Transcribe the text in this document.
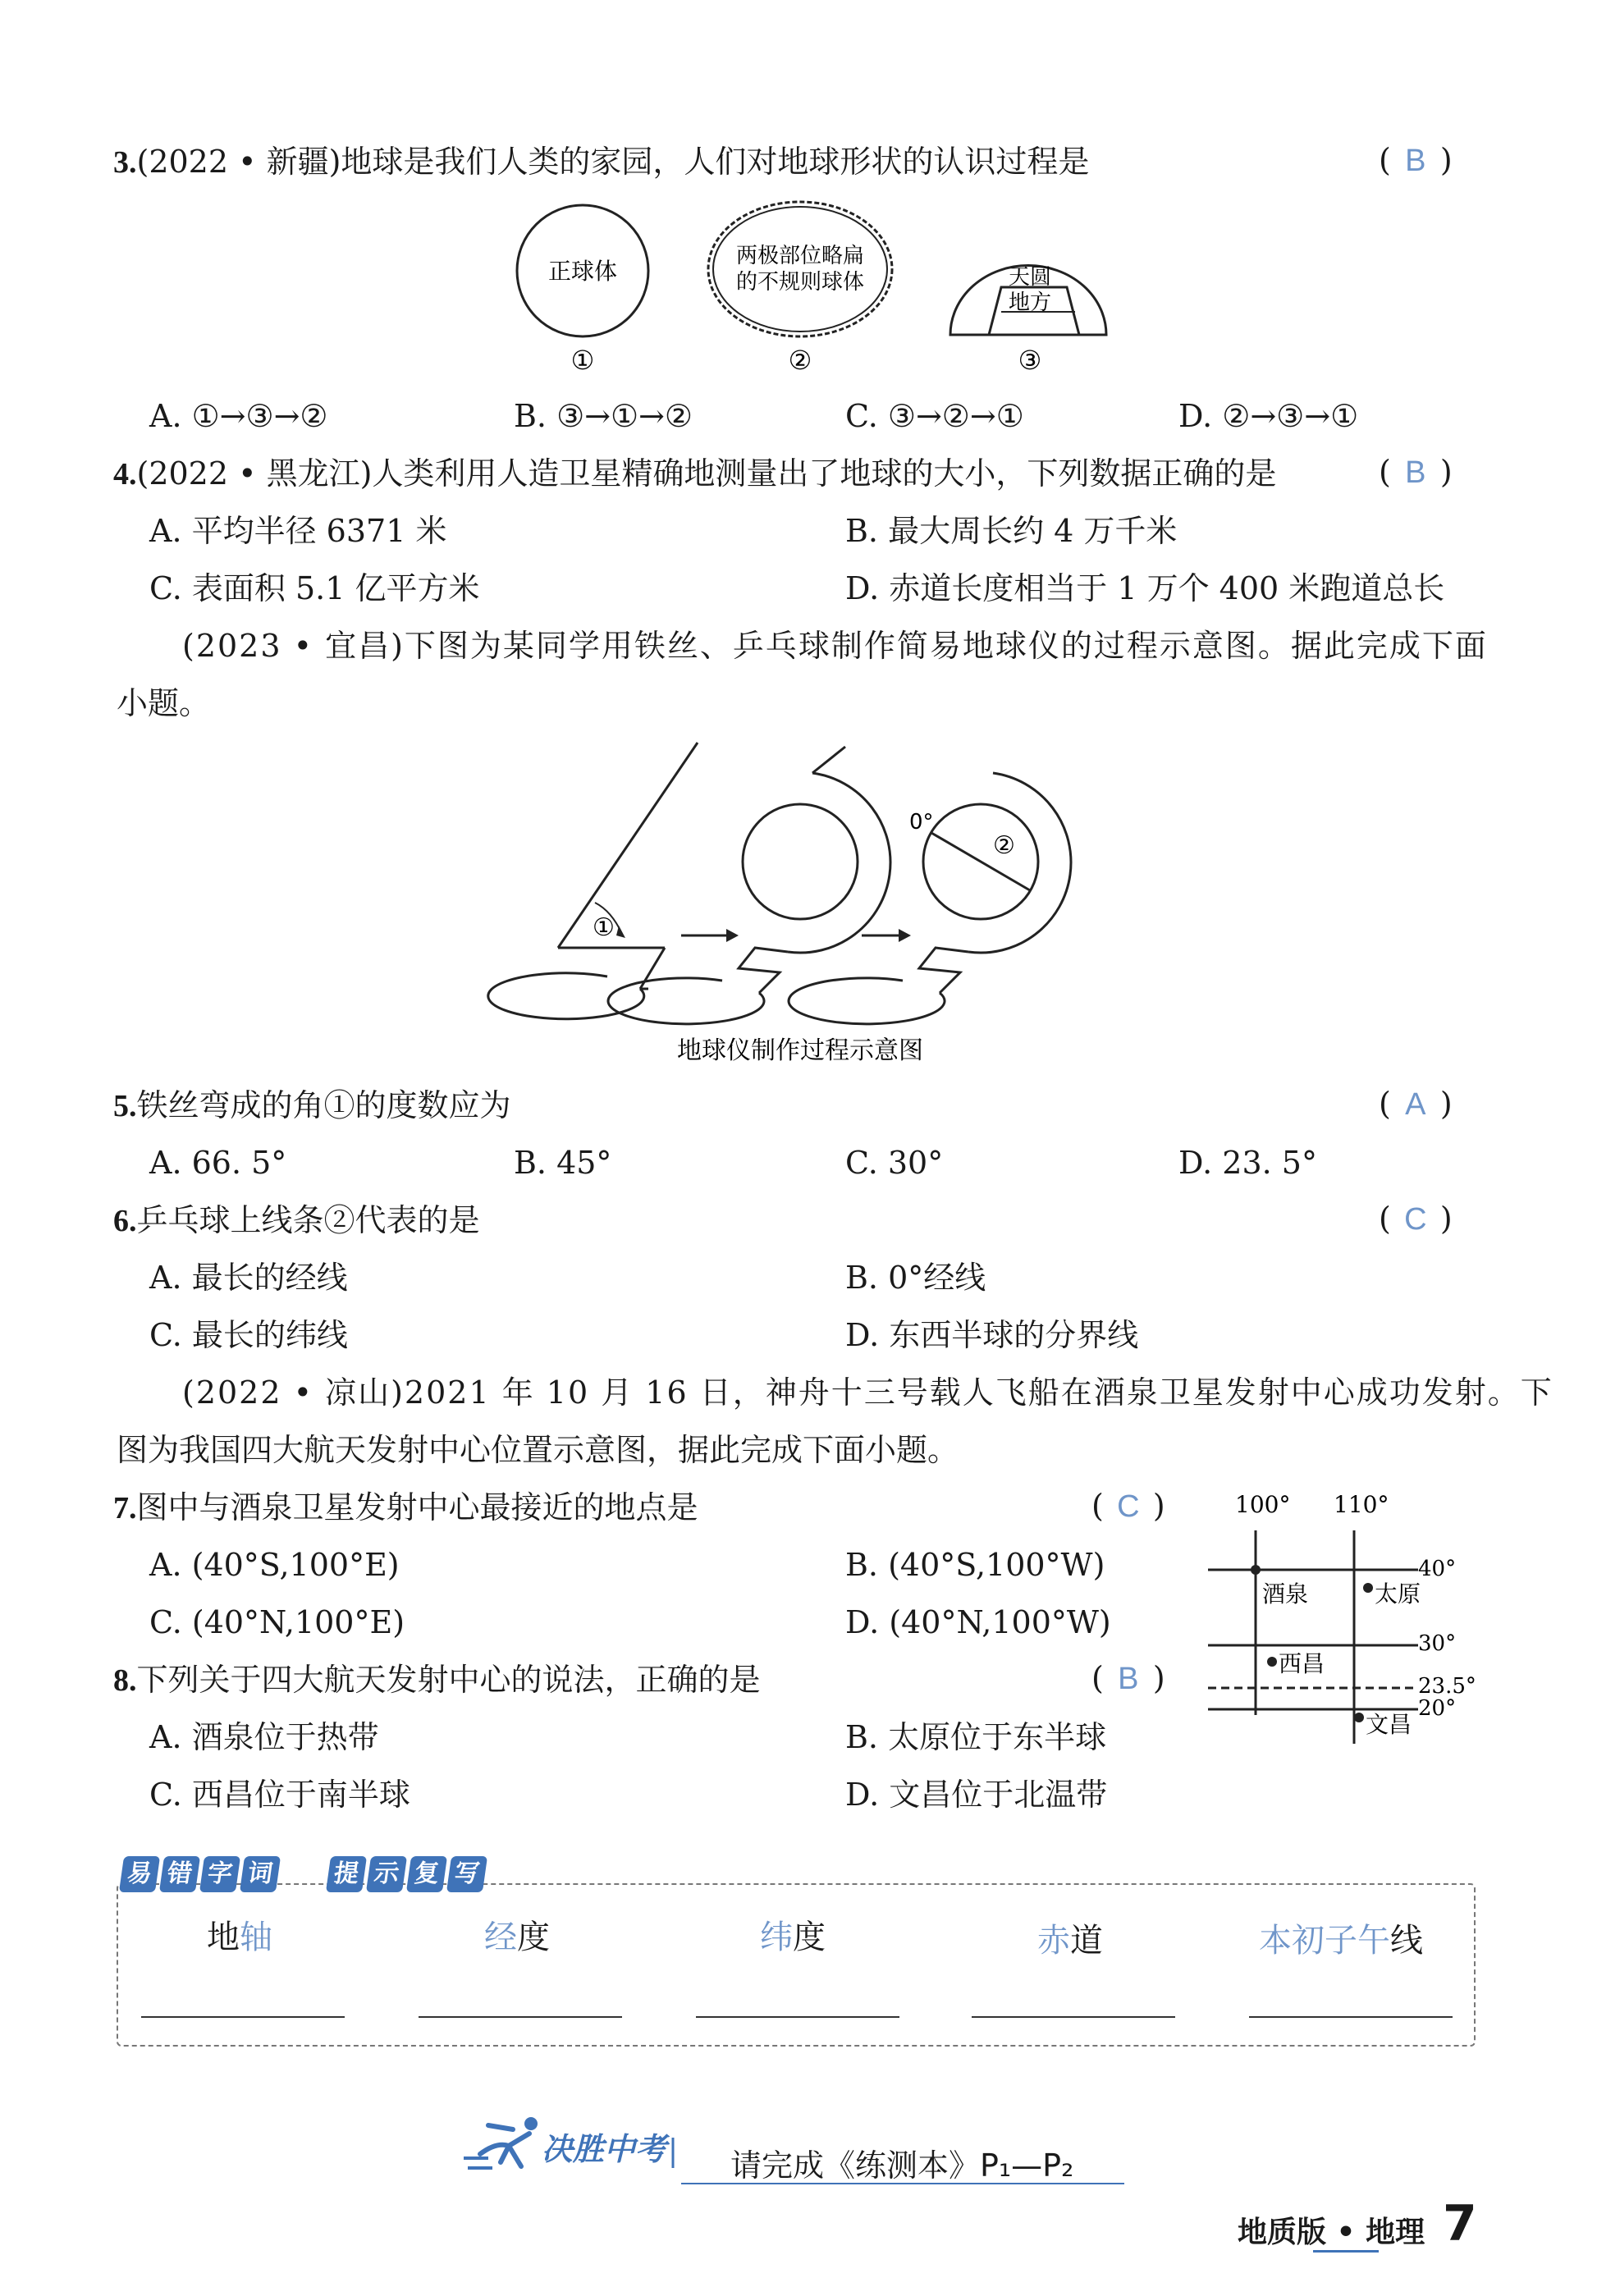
3.(2022 • 新疆)地球是我们人类的家园，人们对地球形状的认识过程是	( B )
正球体
两极部位略扁
的不规则球体	天圆
地方
①	②	③
A. ①→③→②	B. ③→①→②	C. ③→②→①	D. ②→③→①
4.(2022 • 黑龙江)人类利用人造卫星精确地测量出了地球的大小，下列数据正确的是	( B )
A. 平均半径 6371 米	B. 最大周长约 4 万千米
C. 表面积 5.1 亿平方米	D. 赤道长度相当于 1 万个 400 米跑道总长
(2023 • 宜昌)下图为某同学用铁丝、乒乓球制作简易地球仪的过程示意图。据此完成下面
小题。
①
0°
②
地球仪制作过程示意图
5.铁丝弯成的角①的度数应为	( A )
A. 66. 5°	B. 45°	C. 30°	D. 23. 5°
6.乒乓球上线条②代表的是	( C )
A. 最长的经线	B. 0°经线
C. 最长的纬线	D. 东西半球的分界线
(2022 • 凉山)2021 年 10 月 16 日，神舟十三号载人飞船在酒泉卫星发射中心成功发射。下
图为我国四大航天发射中心位置示意图，据此完成下面小题。
7.图中与酒泉卫星发射中心最接近的地点是	( C )
A. (40°S,100°E)	B. (40°S,100°W)
C. (40°N,100°E)	D. (40°N,100°W)
8.下列关于四大航天发射中心的说法，正确的是	( B )
A. 酒泉位于热带	B. 太原位于东半球
C. 西昌位于南半球	D. 文昌位于北温带
100° 110°
40°
30°
23.5°
20°
酒泉	太原
西昌
文昌
易 错 字 词 提 示 复 写
地轴	经度	纬度	赤道	本初子午线
决胜中考 请完成《练测本》P₁—P₂
地质版 • 地理 7
